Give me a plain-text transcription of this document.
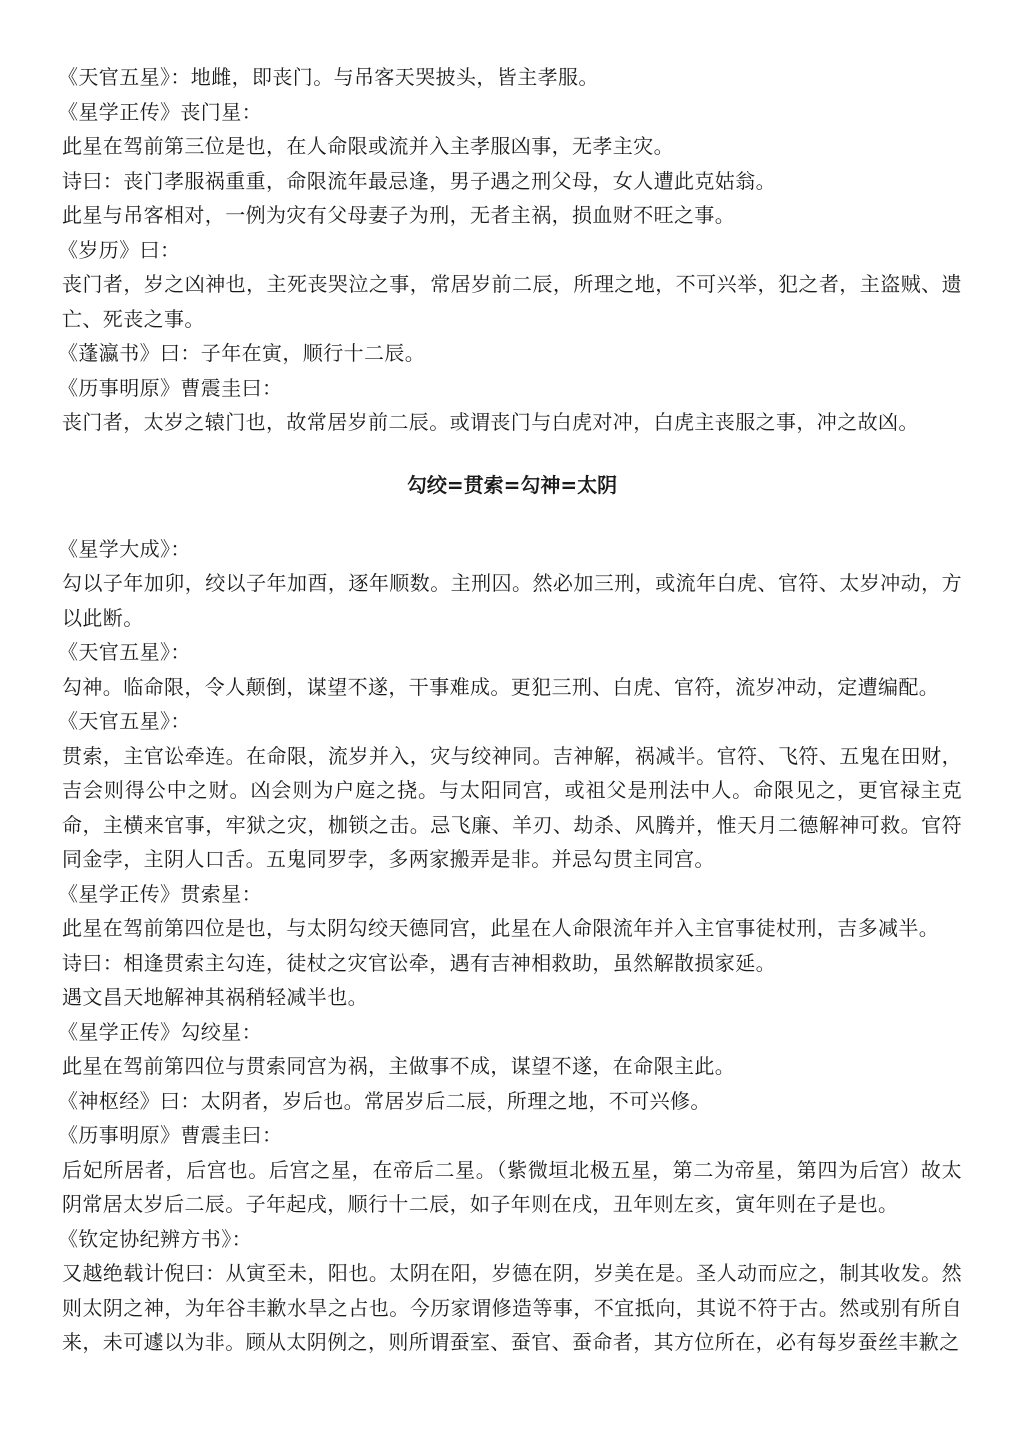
《天官五星》：地雌，即丧门。与吊客天哭披头，皆主孝服。

《星学正传》丧门星：

此星在驾前第三位是也，在人命限或流并入主孝服凶事，无孝主灾。

诗曰：丧门孝服祸重重，命限流年最忌逢，男子遇之刑父母，女人遭此克姑翁。

此星与吊客相对，一例为灾有父母妻子为刑，无者主祸，损血财不旺之事。

《岁历》曰：

丧门者，岁之凶神也，主死丧哭泣之事，常居岁前二辰，所理之地，不可兴举，犯之者，主盗贼、遗亡、死丧之事。

《蓬瀛书》曰：子年在寅，顺行十二辰。

《历事明原》曹震圭曰：

丧门者，太岁之辕门也，故常居岁前二辰。或谓丧门与白虎对冲，白虎主丧服之事，冲之故凶。

勾绞=贯索=勾神=太阴

《星学大成》：

勾以子年加卯，绞以子年加酉，逐年顺数。主刑囚。然必加三刑，或流年白虎、官符、太岁冲动，方以此断。

《天官五星》：

勾神。临命限，令人颠倒，谋望不遂，干事难成。更犯三刑、白虎、官符，流岁冲动，定遭编配。

《天官五星》：

贯索，主官讼牵连。在命限，流岁并入，灾与绞神同。吉神解，祸减半。官符、飞符、五鬼在田财，吉会则得公中之财。凶会则为户庭之挠。与太阳同宫，或祖父是刑法中人。命限见之，更官禄主克命，主横来官事，牢狱之灾，枷锁之击。忌飞廉、羊刃、劫杀、风腾并，惟天月二德解神可救。官符同金孛，主阴人口舌。五鬼同罗孛，多两家搬弄是非。并忌勾贯主同宫。

《星学正传》贯索星：

此星在驾前第四位是也，与太阴勾绞天德同宫，此星在人命限流年并入主官事徒杖刑，吉多减半。

诗曰：相逢贯索主勾连，徒杖之灾官讼牵，遇有吉神相救助，虽然解散损家延。

遇文昌天地解神其祸稍轻减半也。

《星学正传》勾绞星：

此星在驾前第四位与贯索同宫为祸，主做事不成，谋望不遂，在命限主此。

《神枢经》曰：太阴者，岁后也。常居岁后二辰，所理之地，不可兴修。

《历事明原》曹震圭曰：

后妃所居者，后宫也。后宫之星，在帝后二星。（紫微垣北极五星，第二为帝星，第四为后宫）故太阴常居太岁后二辰。子年起戌，顺行十二辰，如子年则在戌，丑年则左亥，寅年则在子是也。

《钦定协纪辨方书》：

又越绝载计倪曰：从寅至未，阳也。太阴在阳，岁德在阴，岁美在是。圣人动而应之，制其收发。然则太阴之神，为年谷丰歉水旱之占也。今历家谓修造等事，不宜抵向，其说不符于古。然或别有所自来，未可遽以为非。顾从太阴例之，则所谓蚕室、蚕官、蚕命者，其方位所在，必有每岁蚕丝丰歉之
